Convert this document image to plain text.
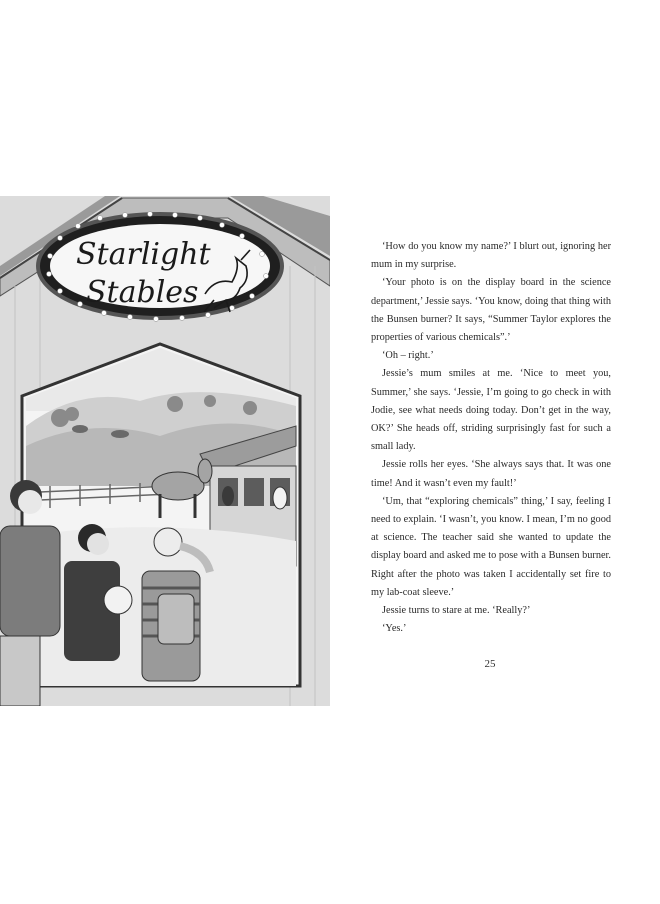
Starlight
Stables

‘How do you know my name?’ I blurt out, ignoring her mum in my surprise.

‘Your photo is on the display board in the science department,’ Jessie says. ‘You know, doing that thing with the Bunsen burner? It says, “Summer Taylor explores the properties of various chemicals”.’

‘Oh – right.’

Jessie’s mum smiles at me. ‘Nice to meet you, Summer,’ she says. ‘Jessie, I’m going to go check in with Jodie, see what needs doing today. Don’t get in the way, OK?’ She heads off, striding surprisingly fast for such a small lady.

Jessie rolls her eyes. ‘She always says that. It was one time! And it wasn’t even my fault!’

‘Um, that “exploring chemicals” thing,’ I say, feeling I need to explain. ‘I wasn’t, you know. I mean, I’m no good at science. The teacher said she wanted to update the display board and asked me to pose with a Bunsen burner. Right after the photo was taken I accidentally set fire to my lab-coat sleeve.’

Jessie turns to stare at me. ‘Really?’

‘Yes.’

25
